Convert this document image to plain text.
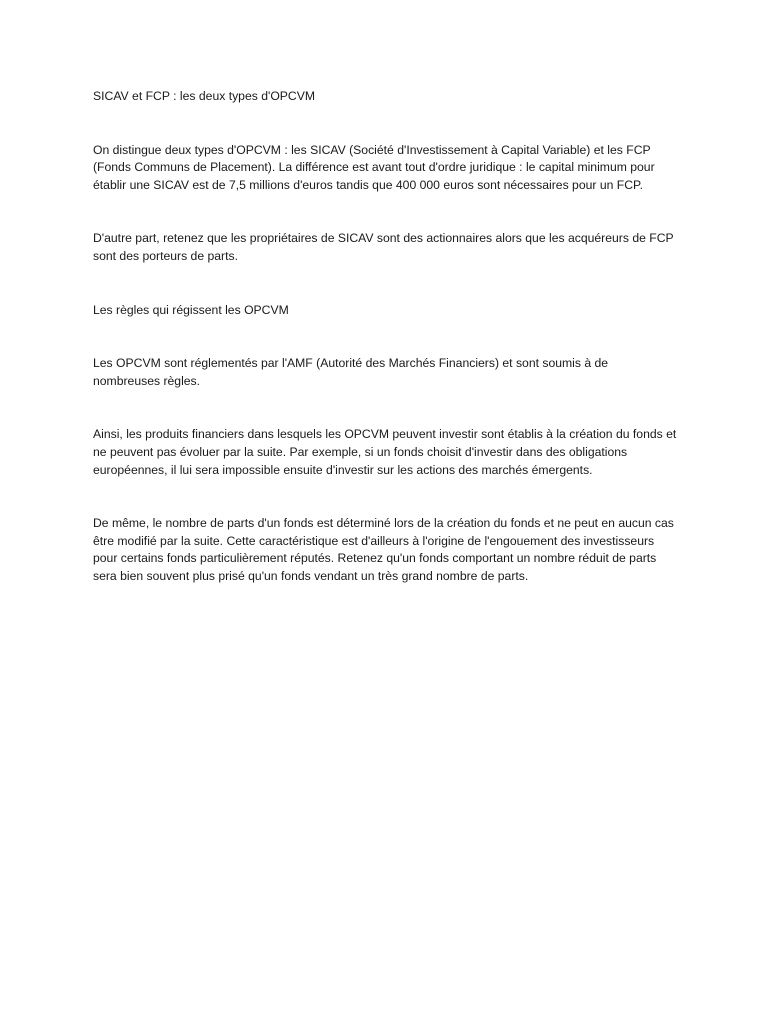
SICAV et FCP : les deux types d'OPCVM

On distingue deux types d'OPCVM : les SICAV (Société d'Investissement à Capital Variable) et les FCP (Fonds Communs de Placement). La différence est avant tout d'ordre juridique : le capital minimum pour établir une SICAV est de 7,5 millions d'euros tandis que 400 000 euros sont nécessaires pour un FCP.

D'autre part, retenez que les propriétaires de SICAV sont des actionnaires alors que les acquéreurs de FCP sont des porteurs de parts.

Les règles qui régissent les OPCVM

Les OPCVM sont réglementés par l'AMF (Autorité des Marchés Financiers) et sont soumis à de nombreuses règles.

Ainsi, les produits financiers dans lesquels les OPCVM peuvent investir sont établis à la création du fonds et ne peuvent pas évoluer par la suite. Par exemple, si un fonds choisit d'investir dans des obligations européennes, il lui sera impossible ensuite d'investir sur les actions des marchés émergents.

De même, le nombre de parts d'un fonds est déterminé lors de la création du fonds et ne peut en aucun cas être modifié par la suite. Cette caractéristique est d'ailleurs à l'origine de l'engouement des investisseurs pour certains fonds particulièrement réputés. Retenez qu'un fonds comportant un nombre réduit de parts sera bien souvent plus prisé qu'un fonds vendant un très grand nombre de parts.
